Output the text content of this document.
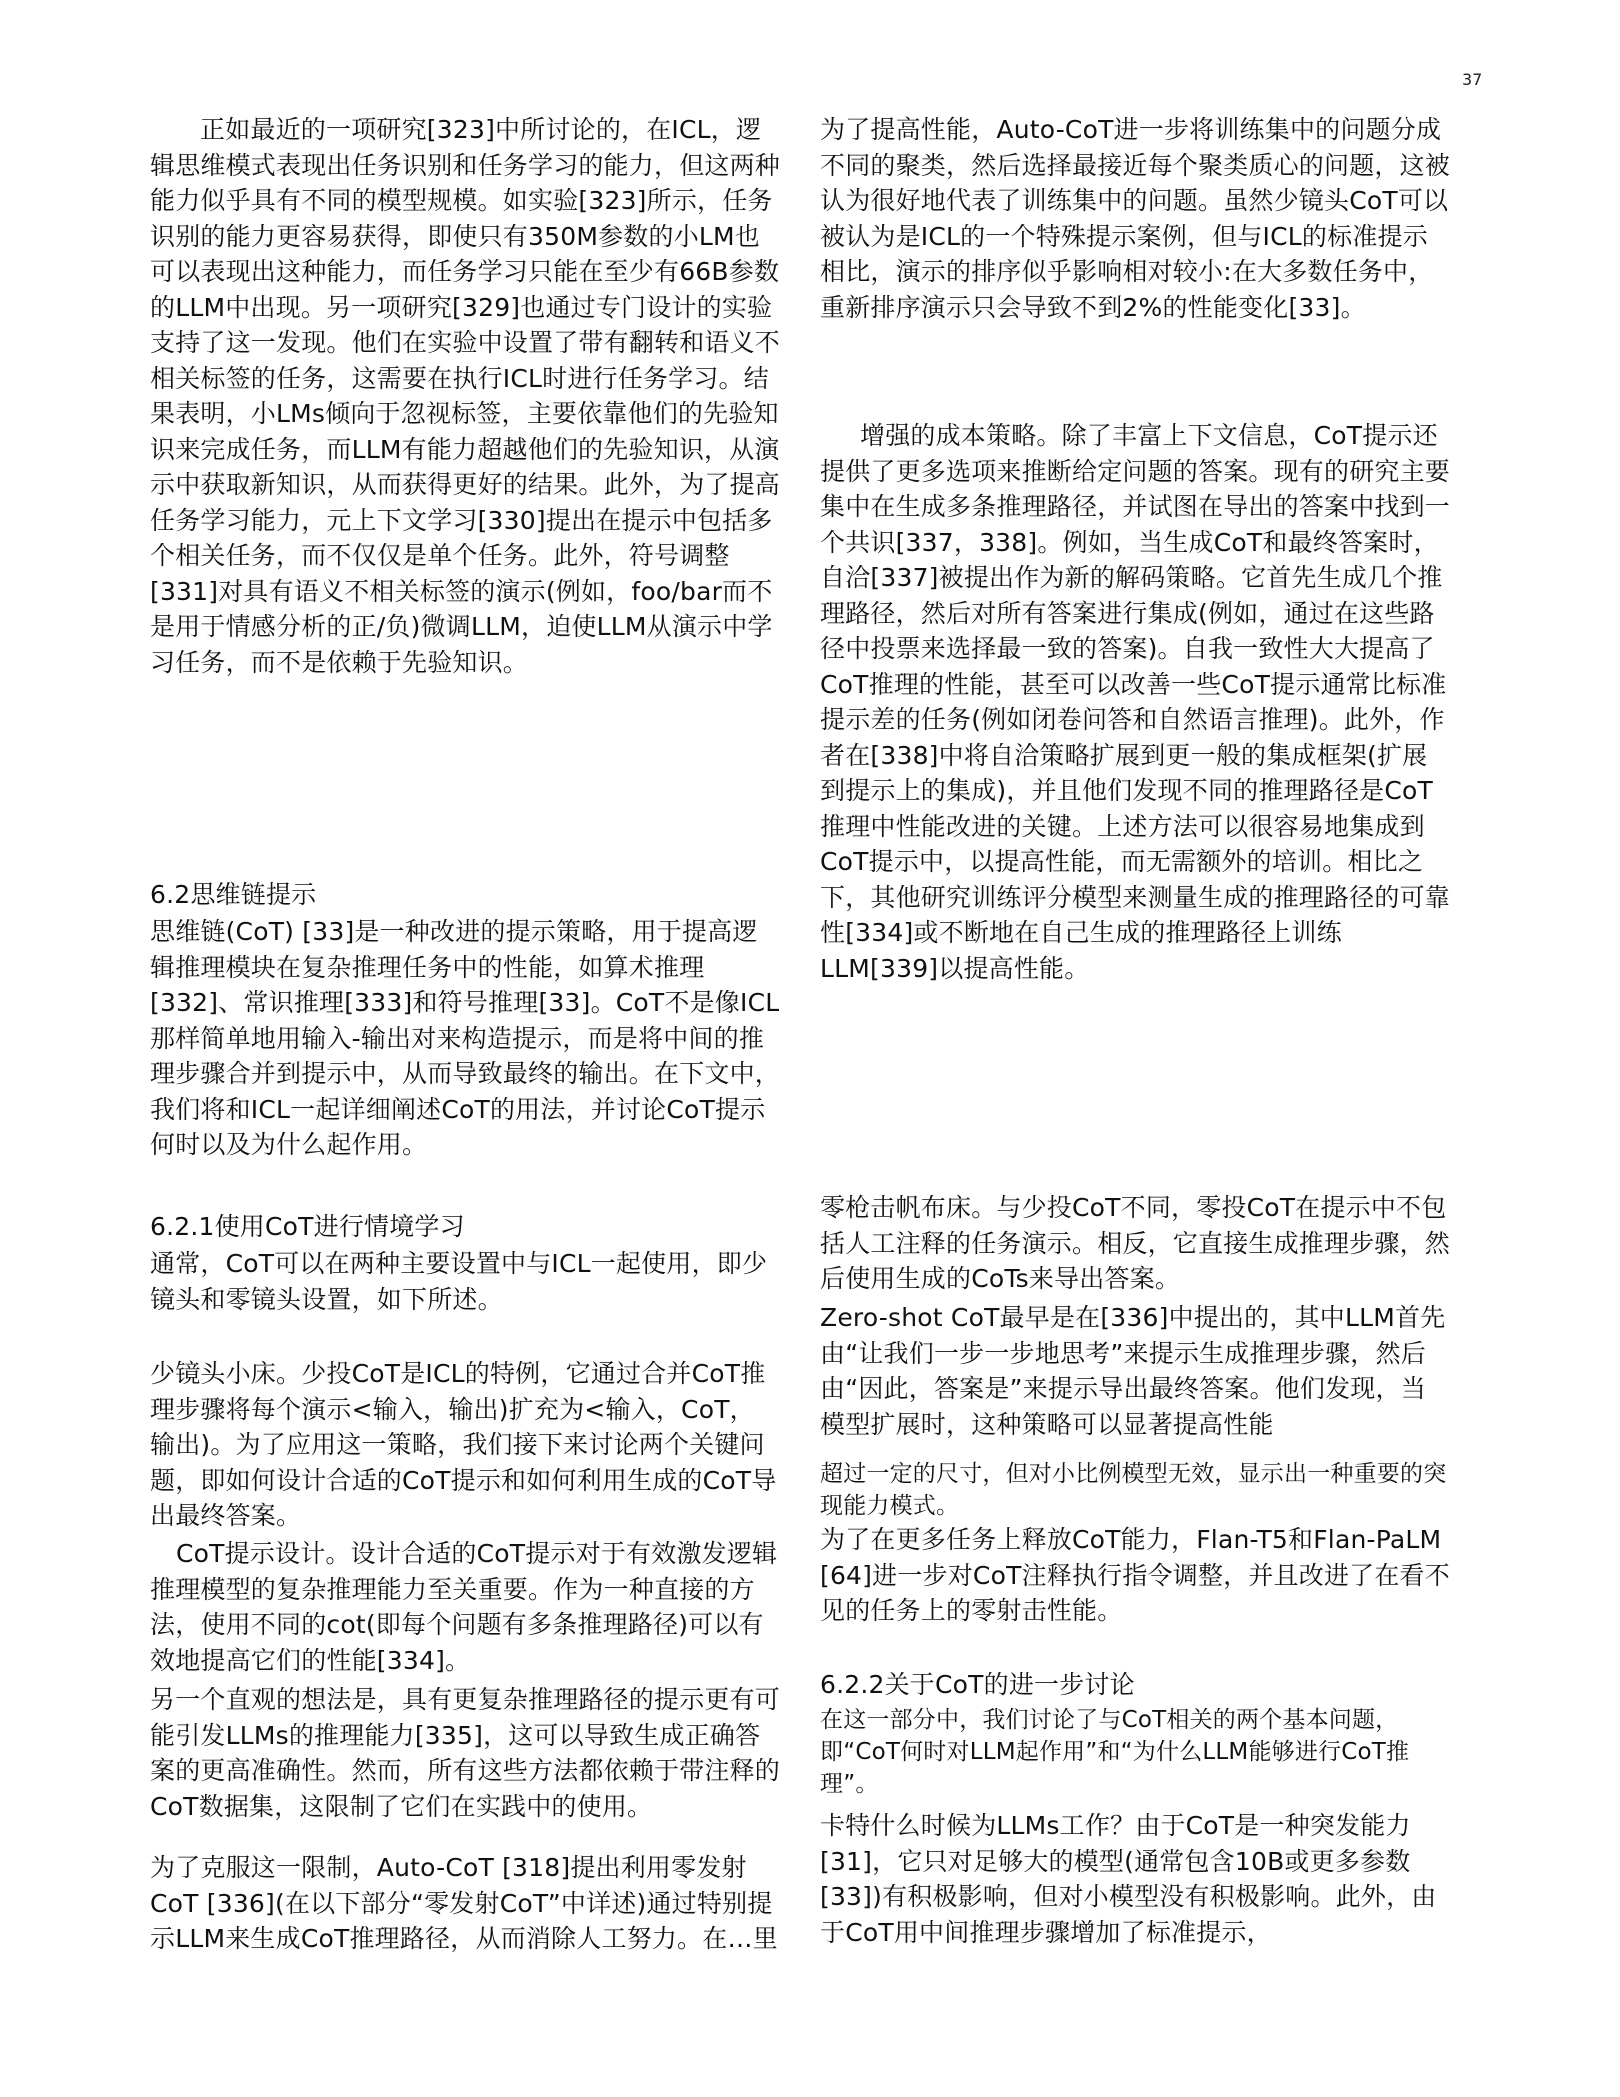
37

正如最近的一项研究[323]中所讨论的，在ICL，逻辑思维模式表现出任务识别和任务学习的能力，但这两种能力似乎具有不同的模型规模。如实验[323]所示，任务识别的能力更容易获得，即使只有350M参数的小LM也可以表现出这种能力，而任务学习只能在至少有66B参数的LLM中出现。另一项研究[329]也通过专门设计的实验支持了这一发现。他们在实验中设置了带有翻转和语义不相关标签的任务，这需要在执行ICL时进行任务学习。结果表明，小LMs倾向于忽视标签，主要依靠他们的先验知识来完成任务，而LLM有能力超越他们的先验知识，从演示中获取新知识，从而获得更好的结果。此外，为了提高任务学习能力，元上下文学习[330]提出在提示中包括多个相关任务，而不仅仅是单个任务。此外，符号调整[331]对具有语义不相关标签的演示(例如，foo/bar而不是用于情感分析的正/负)微调LLM，迫使LLM从演示中学习任务，而不是依赖于先验知识。

6.2思维链提示

思维链(CoT) [33]是一种改进的提示策略，用于提高逻辑推理模块在复杂推理任务中的性能，如算术推理[332]、常识推理[333]和符号推理[33]。CoT不是像ICL那样简单地用输入-输出对来构造提示，而是将中间的推理步骤合并到提示中，从而导致最终的输出。在下文中，我们将和ICL一起详细阐述CoT的用法，并讨论CoT提示何时以及为什么起作用。

6.2.1使用CoT进行情境学习

通常，CoT可以在两种主要设置中与ICL一起使用，即少镜头和零镜头设置，如下所述。

少镜头小床。少投CoT是ICL的特例，它通过合并CoT推理步骤将每个演示<输入，输出)扩充为<输入，CoT，输出)。为了应用这一策略，我们接下来讨论两个关键问题，即如何设计合适的CoT提示和如何利用生成的CoT导出最终答案。

CoT提示设计。设计合适的CoT提示对于有效激发逻辑推理模型的复杂推理能力至关重要。作为一种直接的方法，使用不同的cot(即每个问题有多条推理路径)可以有效地提高它们的性能[334]。

另一个直观的想法是，具有更复杂推理路径的提示更有可能引发LLMs的推理能力[335]，这可以导致生成正确答案的更高准确性。然而，所有这些方法都依赖于带注释的CoT数据集，这限制了它们在实践中的使用。

为了克服这一限制，Auto-CoT [318]提出利用零发射CoT [336](在以下部分“零发射CoT”中详述)通过特别提示LLM来生成CoT推理路径，从而消除人工努力。在…里

为了提高性能，Auto-CoT进一步将训练集中的问题分成不同的聚类，然后选择最接近每个聚类质心的问题，这被认为很好地代表了训练集中的问题。虽然少镜头CoT可以被认为是ICL的一个特殊提示案例，但与ICL的标准提示相比，演示的排序似乎影响相对较小:在大多数任务中，重新排序演示只会导致不到2%的性能变化[33]。

增强的成本策略。除了丰富上下文信息，CoT提示还提供了更多选项来推断给定问题的答案。现有的研究主要集中在生成多条推理路径，并试图在导出的答案中找到一个共识[337，338]。例如，当生成CoT和最终答案时，自洽[337]被提出作为新的解码策略。它首先生成几个推理路径，然后对所有答案进行集成(例如，通过在这些路径中投票来选择最一致的答案)。自我一致性大大提高了CoT推理的性能，甚至可以改善一些CoT提示通常比标准提示差的任务(例如闭卷问答和自然语言推理)。此外，作者在[338]中将自洽策略扩展到更一般的集成框架(扩展到提示上的集成)，并且他们发现不同的推理路径是CoT推理中性能改进的关键。上述方法可以很容易地集成到CoT提示中，以提高性能，而无需额外的培训。相比之下，其他研究训练评分模型来测量生成的推理路径的可靠性[334]或不断地在自己生成的推理路径上训练LLM[339]以提高性能。

零枪击帆布床。与少投CoT不同，零投CoT在提示中不包括人工注释的任务演示。相反，它直接生成推理步骤，然后使用生成的CoTs来导出答案。

Zero-shot CoT最早是在[336]中提出的，其中LLM首先由“让我们一步一步地思考”来提示生成推理步骤，然后由“因此，答案是”来提示导出最终答案。他们发现，当模型扩展时，这种策略可以显著提高性能

超过一定的尺寸，但对小比例模型无效，显示出一种重要的突现能力模式。

为了在更多任务上释放CoT能力，Flan-T5和Flan-PaLM [64]进一步对CoT注释执行指令调整，并且改进了在看不见的任务上的零射击性能。

6.2.2关于CoT的进一步讨论

在这一部分中，我们讨论了与CoT相关的两个基本问题，即“CoT何时对LLM起作用”和“为什么LLM能够进行CoT推理”。

卡特什么时候为LLMs工作？由于CoT是一种突发能力[31]，它只对足够大的模型(通常包含10B或更多参数[33])有积极影响，但对小模型没有积极影响。此外，由于CoT用中间推理步骤增加了标准提示，
